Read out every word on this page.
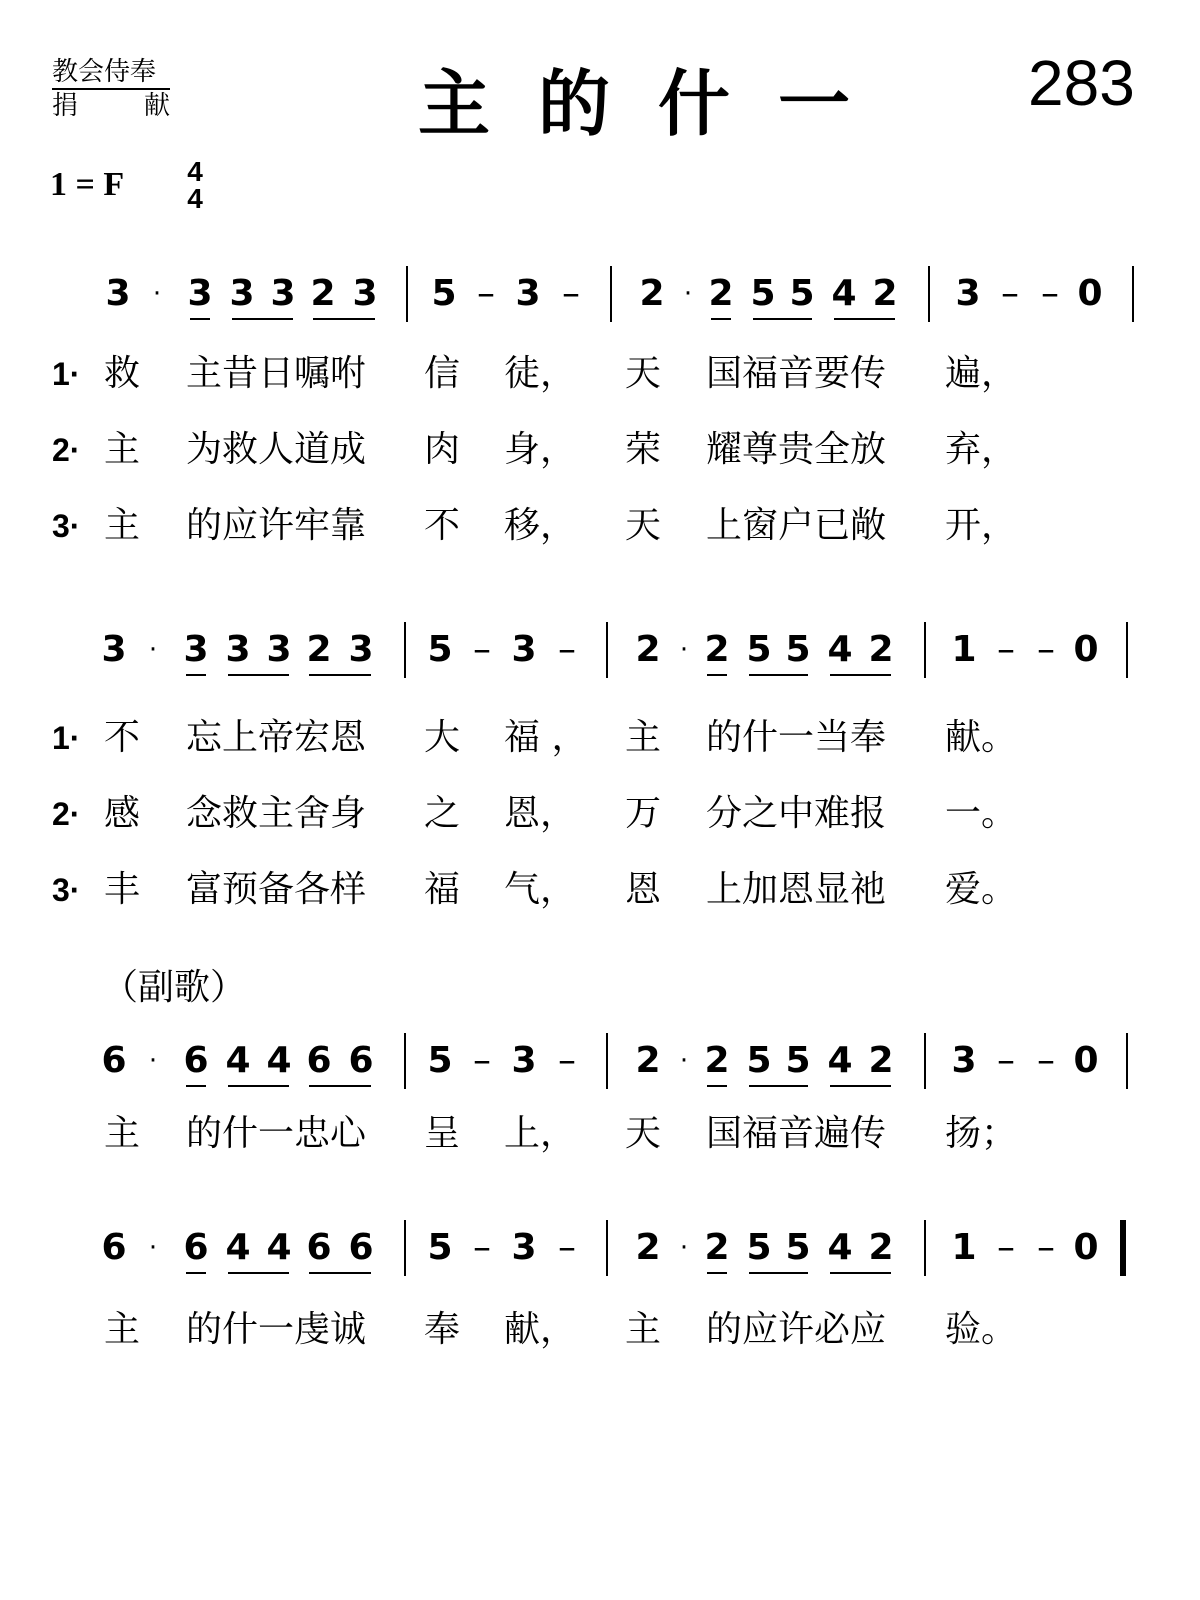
教会侍奉
捐　献	主的什一 283
1 = F 4
4
（副歌）
3 · 3 3 3 2 3 5 – 3 – 2 · 2 5 5 4 2 3 – – 0
3 · 3 3 3 2 3 5 – 3 – 2 · 2 5 5 4 2 1 – – 0
6 · 6 4 4 6 6 5 – 3 – 2 · 2 5 5 4 2 3 – – 0
6 · 6 4 4 6 6 5 – 3 – 2 · 2 5 5 4 2 1 – – 0
1· 救 主昔日嘱咐 信 徒， 天 国福音要传 遍，
2· 主 为救人道成 肉 身， 荣 耀尊贵全放 弃，
3· 主 的应许牢靠 不 移， 天 上窗户已敞 开，
1· 不 忘上帝宏恩 大 福 ， 主 的什一当奉 献。
2· 感 念救主舍身 之 恩， 万 分之中难报 一。
3· 丰 富预备各样 福 气， 恩 上加恩显祂 爱。
主 的什一忠心 呈 上， 天 国福音遍传 扬；
主 的什一虔诚 奉 献， 主 的应许必应 验。
